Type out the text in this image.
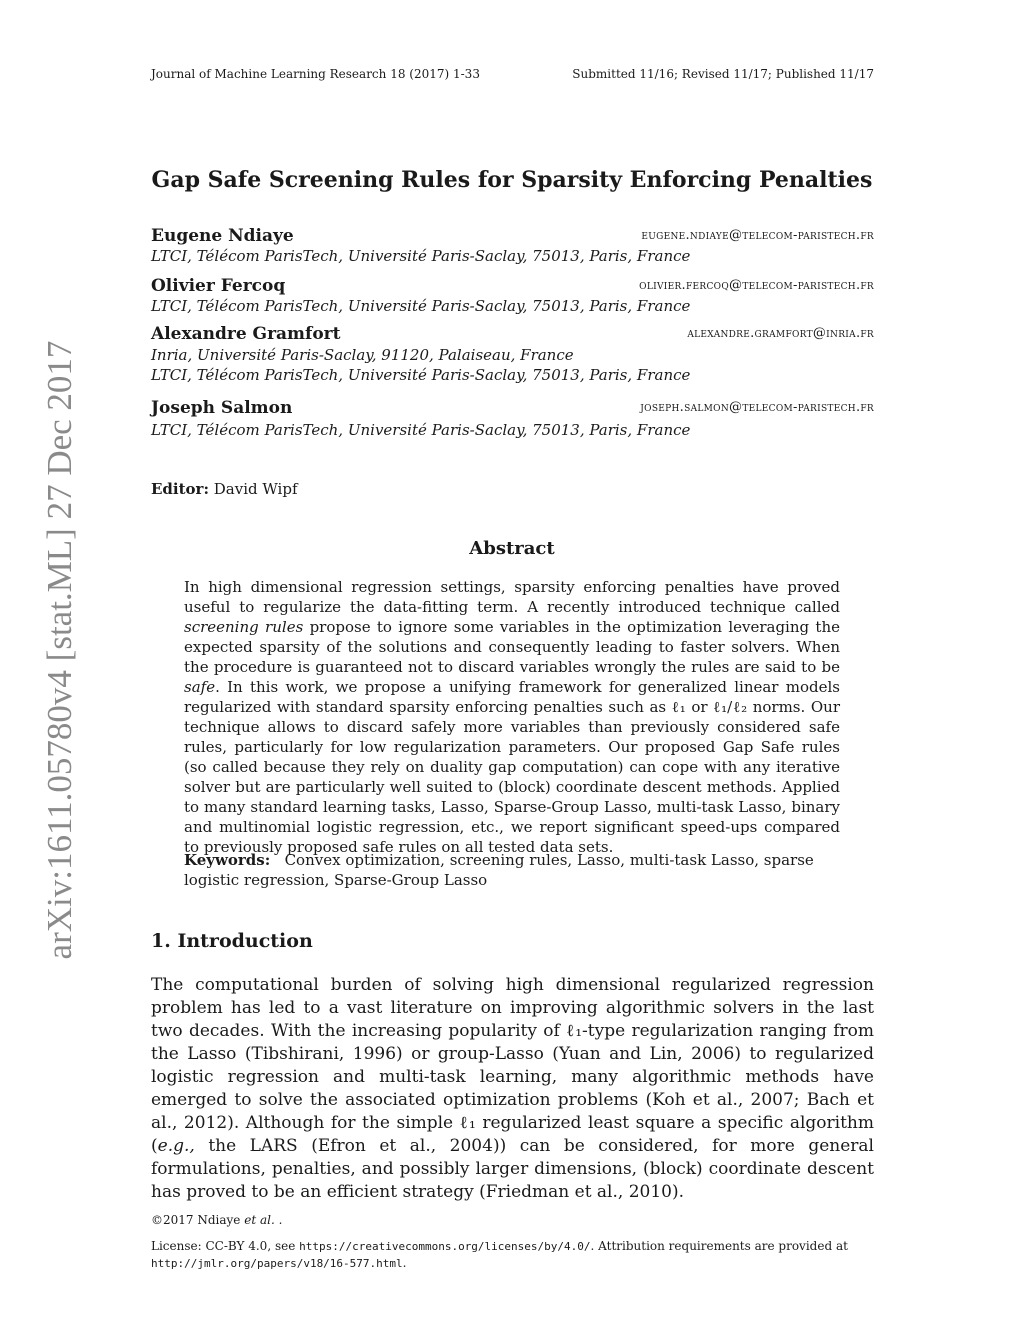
arXiv:1611.05780v4 [stat.ML] 27 Dec 2017
Journal of Machine Learning Research 18 (2017) 1-33	Submitted 11/16; Revised 11/17; Published 11/17
Gap Safe Screening Rules for Sparsity Enforcing Penalties
Eugene Ndiaye	eugene.ndiaye@telecom-paristech.fr
LTCI, Télécom ParisTech, Université Paris-Saclay, 75013, Paris, France
Olivier Fercoq	olivier.fercoq@telecom-paristech.fr
LTCI, Télécom ParisTech, Université Paris-Saclay, 75013, Paris, France
Alexandre Gramfort	alexandre.gramfort@inria.fr
Inria, Université Paris-Saclay, 91120, Palaiseau, France
LTCI, Télécom ParisTech, Université Paris-Saclay, 75013, Paris, France
Joseph Salmon	joseph.salmon@telecom-paristech.fr
LTCI, Télécom ParisTech, Université Paris-Saclay, 75013, Paris, France
Editor: David Wipf
Abstract

In high dimensional regression settings, sparsity enforcing penalties have proved useful to regularize the data-fitting term. A recently introduced technique called screening rules propose to ignore some variables in the optimization leveraging the expected sparsity of the solutions and consequently leading to faster solvers. When the procedure is guaranteed not to discard variables wrongly the rules are said to be safe. In this work, we propose a unifying framework for generalized linear models regularized with standard sparsity enforcing penalties such as ℓ₁ or ℓ₁/ℓ₂ norms. Our technique allows to discard safely more variables than previously considered safe rules, particularly for low regularization parameters. Our proposed Gap Safe rules (so called because they rely on duality gap computation) can cope with any iterative solver but are particularly well suited to (block) coordinate descent methods. Applied to many standard learning tasks, Lasso, Sparse-Group Lasso, multi-task Lasso, binary and multinomial logistic regression, etc., we report significant speed-ups compared to previously proposed safe rules on all tested data sets.

Keywords: Convex optimization, screening rules, Lasso, multi-task Lasso, sparse logistic regression, Sparse-Group Lasso

1. Introduction

The computational burden of solving high dimensional regularized regression problem has led to a vast literature on improving algorithmic solvers in the last two decades. With the increasing popularity of ℓ₁-type regularization ranging from the Lasso (Tibshirani, 1996) or group-Lasso (Yuan and Lin, 2006) to regularized logistic regression and multi-task learning, many algorithmic methods have emerged to solve the associated optimization problems (Koh et al., 2007; Bach et al., 2012). Although for the simple ℓ₁ regularized least square a specific algorithm (e.g., the LARS (Efron et al., 2004)) can be considered, for more general formulations, penalties, and possibly larger dimensions, (block) coordinate descent has proved to be an efficient strategy (Friedman et al., 2010).

©2017 Ndiaye et al. .

License: CC-BY 4.0, see https://creativecommons.org/licenses/by/4.0/. Attribution requirements are provided at http://jmlr.org/papers/v18/16-577.html.
